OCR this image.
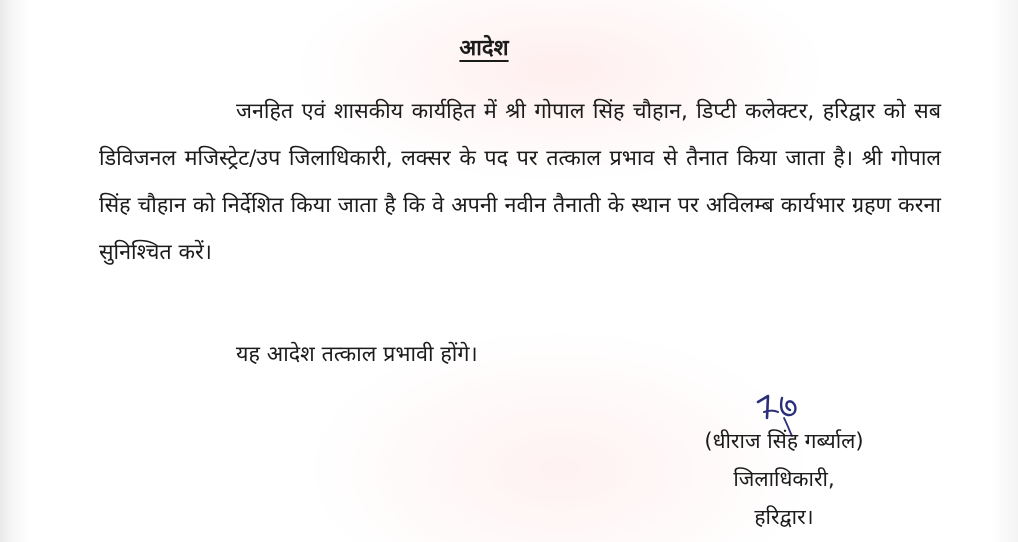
आदेश

जनहित एवं शासकीय कार्यहित में श्री गोपाल सिंह चौहान, डिप्टी कलेक्टर, हरिद्वार को सब डिविजनल मजिस्ट्रेट/उप जिलाधिकारी, लक्सर के पद पर तत्काल प्रभाव से तैनात किया जाता है। श्री गोपाल सिंह चौहान को निर्देशित किया जाता है कि वे अपनी नवीन तैनाती के स्थान पर अविलम्ब कार्यभार ग्रहण करना सुनिश्चित करें।

यह आदेश तत्काल प्रभावी होंगे।

(धीराज सिंह गर्ब्याल)
जिलाधिकारी,
हरिद्वार।
